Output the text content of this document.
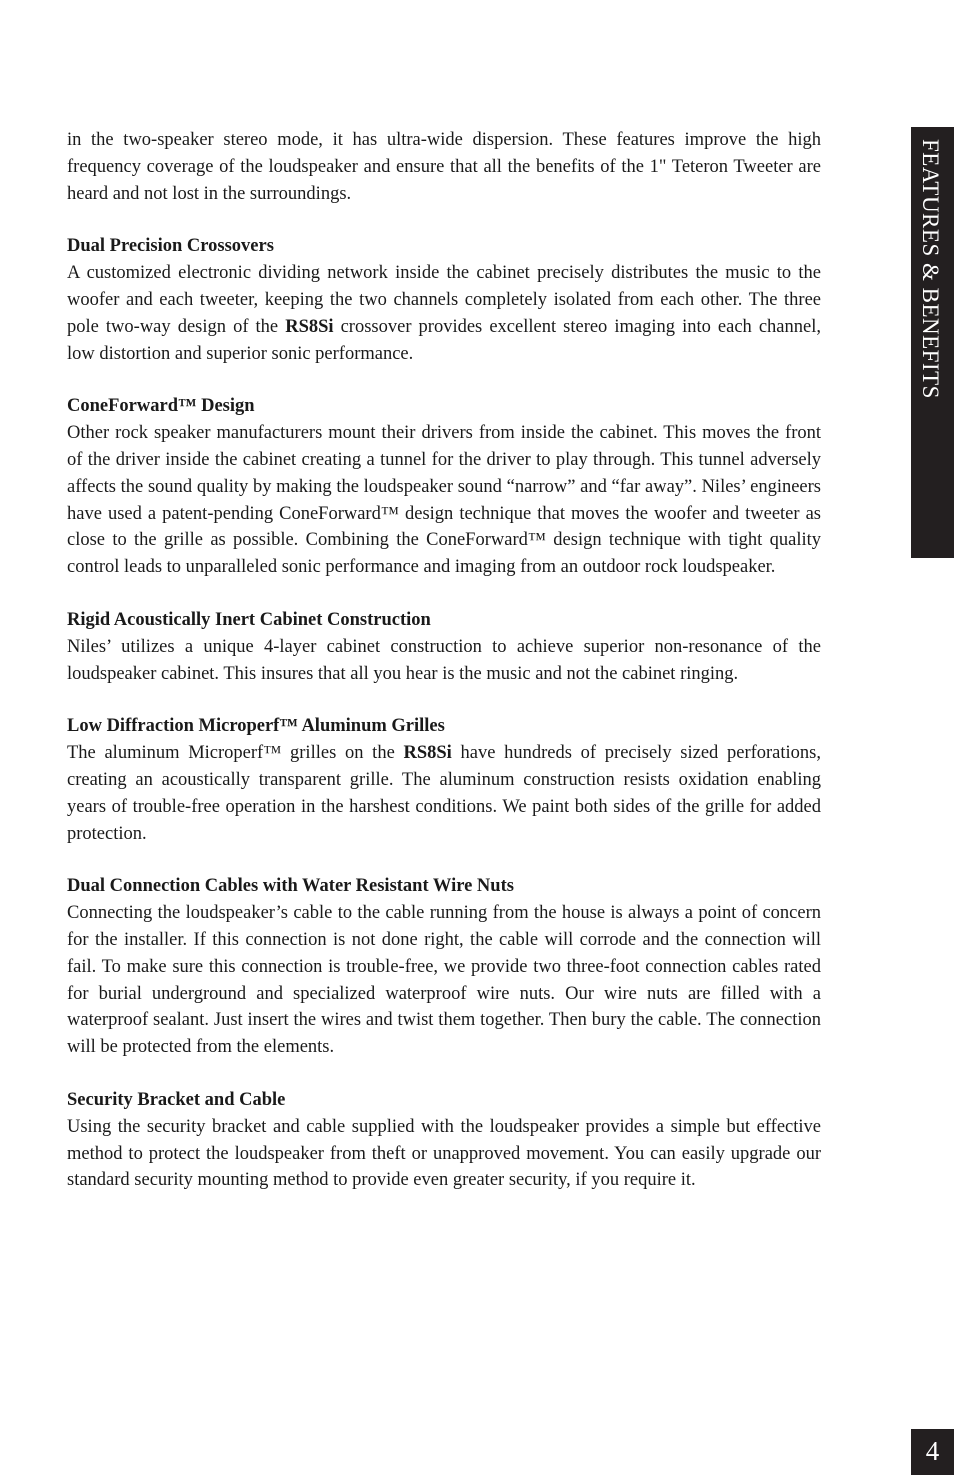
in the two-speaker stereo mode, it has ultra-wide dispersion. These features improve the high frequency coverage of the loudspeaker and ensure that all the benefits of the 1" Teteron Tweeter are heard and not lost in the surroundings.

Dual Precision Crossovers

A customized electronic dividing network inside the cabinet precisely distributes the music to the woofer and each tweeter, keeping the two channels completely isolated from each other. The three pole two-way design of the RS8Si crossover provides excellent stereo imaging into each channel, low distortion and superior sonic performance.

ConeForward™ Design

Other rock speaker manufacturers mount their drivers from inside the cabinet. This moves the front of the driver inside the cabinet creating a tunnel for the driver to play through. This tunnel adversely affects the sound quality by making the loudspeaker sound “narrow” and “far away”. Niles’ engineers have used a patent-pending ConeForward™ design technique that moves the woofer and tweeter as close to the grille as possible. Combining the ConeForward™ design technique with tight quality control leads to unparalleled sonic performance and imaging from an outdoor rock loudspeaker.

Rigid Acoustically Inert Cabinet Construction

Niles’ utilizes a unique 4-layer cabinet construction to achieve superior non-resonance of the loudspeaker cabinet. This insures that all you hear is the music and not the cabinet ringing.

Low Diffraction Microperf™ Aluminum Grilles

The aluminum Microperf™ grilles on the RS8Si have hundreds of precisely sized perforations, creating an acoustically transparent grille. The aluminum construction resists oxidation enabling years of trouble-free operation in the harshest conditions. We paint both sides of the grille for added protection.

Dual Connection Cables with Water Resistant Wire Nuts

Connecting the loudspeaker’s cable to the cable running from the house is always a point of concern for the installer. If this connection is not done right, the cable will corrode and the connection will fail. To make sure this connection is trouble-free, we provide two three-foot connection cables rated for burial underground and specialized waterproof wire nuts. Our wire nuts are filled with a waterproof sealant. Just insert the wires and twist them together. Then bury the cable. The connection will be protected from the elements.

Security Bracket and Cable

Using the security bracket and cable supplied with the loudspeaker provides a simple but effective method to protect the loudspeaker from theft or unapproved movement. You can easily upgrade our standard security mounting method to provide even greater security, if you require it.

FEATURES & BENEFITS
4
